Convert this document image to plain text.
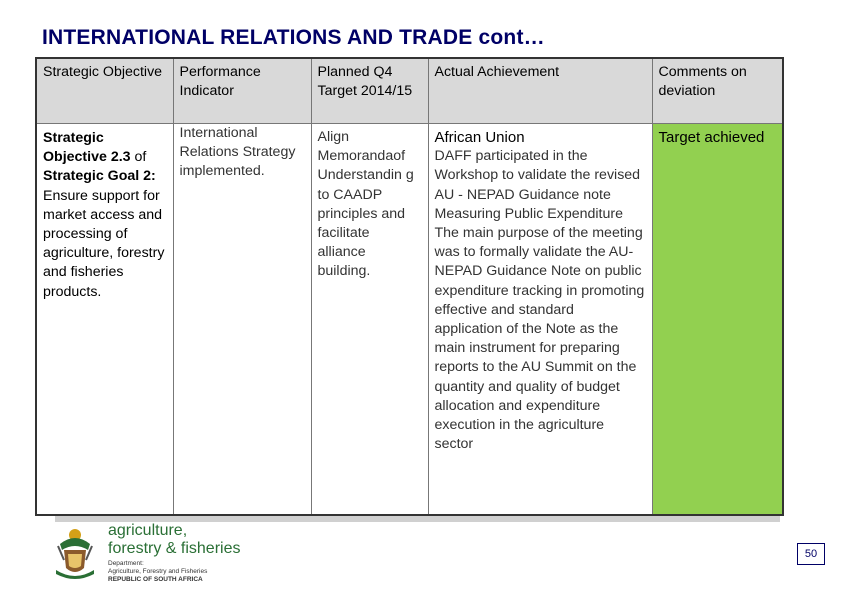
INTERNATIONAL RELATIONS AND TRADE cont…
Strategic Objective	Performance Indicator	Planned Q4 Target 2014/15	Actual Achievement	Comments on deviation
Strategic Objective 2.3 of Strategic Goal 2: Ensure support for market access and processing of agriculture, forestry and fisheries products.	International Relations Strategy implemented.	Align Memorandaof Understandin g to CAADP principles and facilitate alliance building.	African Union
DAFF participated in the Workshop to validate the revised AU - NEPAD Guidance note Measuring Public Expenditure The main purpose of the meeting was to formally validate the AU-NEPAD Guidance Note on public expenditure tracking in promoting effective and standard application of the Note as the main instrument for preparing reports to the AU Summit on the quantity and quality of budget allocation and expenditure execution in the agriculture sector	Target achieved
agriculture,
forestry & fisheries
Department:
Agriculture, Forestry and Fisheries
REPUBLIC OF SOUTH AFRICA
50
